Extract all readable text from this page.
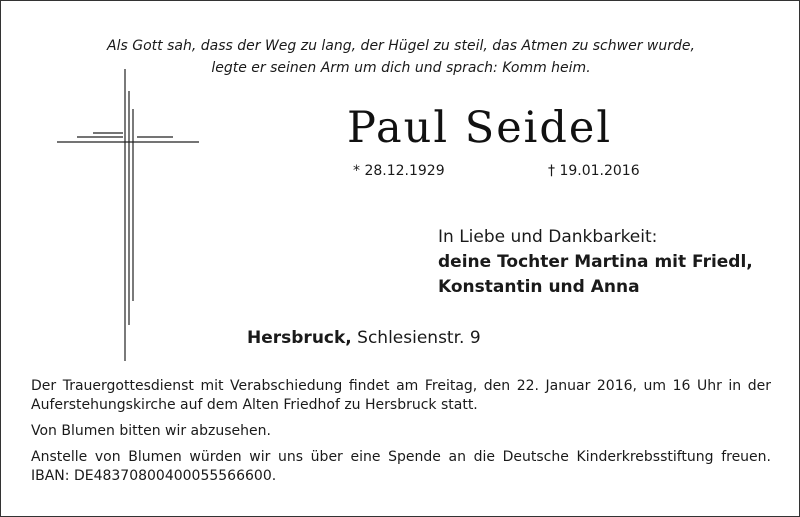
Als Gott sah, dass der Weg zu lang, der Hügel zu steil, das Atmen zu schwer wurde,
legte er seinen Arm um dich und sprach: Komm heim.
Paul Seidel
* 28.12.1929	† 19.01.2016
In Liebe und Dankbarkeit:
deine Tochter Martina mit Friedl,
Konstantin und Anna
Hersbruck, Schlesienstr. 9

Der Trauergottesdienst mit Verabschiedung findet am Freitag, den 22. Januar 2016, um 16 Uhr in der Auferstehungskirche auf dem Alten Friedhof zu Hersbruck statt.

Von Blumen bitten wir abzusehen.

Anstelle von Blumen würden wir uns über eine Spende an die Deutsche Kinderkrebsstiftung freuen. IBAN: DE48370800400055566600.
